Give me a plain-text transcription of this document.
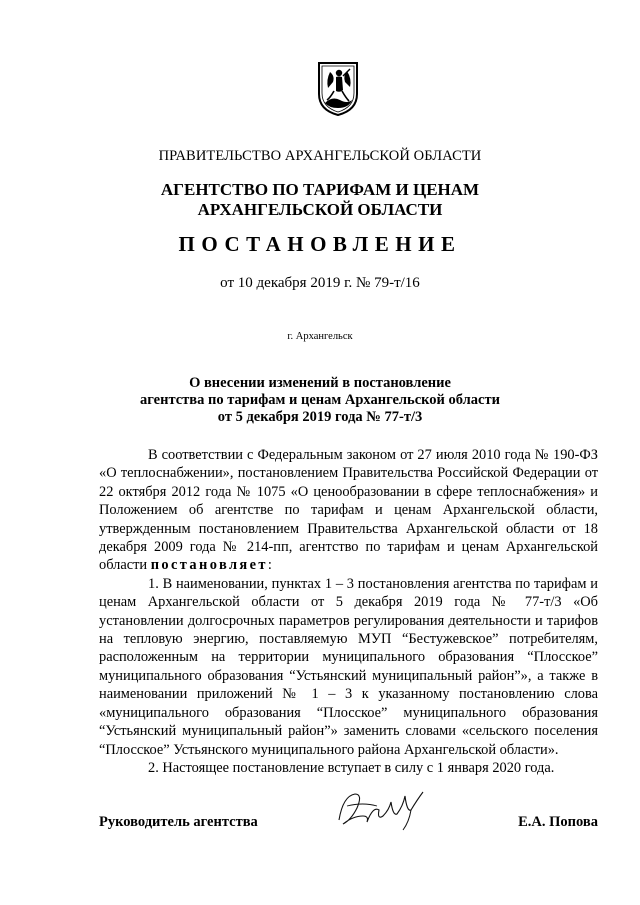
ПРАВИТЕЛЬСТВО АРХАНГЕЛЬСКОЙ ОБЛАСТИ
АГЕНТСТВО ПО ТАРИФАМ И ЦЕНАМ
АРХАНГЕЛЬСКОЙ ОБЛАСТИ
ПОСТАНОВЛЕНИЕ
от 10 декабря 2019 г. № 79-т/16
г. Архангельск
О внесении изменений в постановление
агентства по тарифам и ценам Архангельской области
от 5 декабря 2019 года № 77-т/3

В соответствии с Федеральным законом от 27 июля 2010 года № 190-ФЗ «О теплоснабжении», постановлением Правительства Российской Федерации от 22 октября 2012 года № 1075 «О ценообразовании в сфере теплоснабжения» и Положением об агентстве по тарифам и ценам Архангельской области, утвержденным постановлением Правительства Архангельской области от 18 декабря 2009 года № 214-пп, агентство по тарифам и ценам Архангельской области постановляет:

1. В наименовании, пунктах 1 – 3 постановления агентства по тарифам и ценам Архангельской области от 5 декабря 2019 года № 77-т/3 «Об установлении долгосрочных параметров регулирования деятельности и тарифов на тепловую энергию, поставляемую МУП “Бестужевское” потребителям, расположенным на территории муниципального образования “Плосское” муниципального образования “Устьянский муниципальный район”», а также в наименовании приложений № 1 – 3 к указанному постановлению слова «муниципального образования “Плосское” муниципального образования “Устьянский муниципальный район”» заменить словами «сельского поселения “Плосское” Устьянского муниципального района Архангельской области».

2. Настоящее постановление вступает в силу с 1 января 2020 года.

Руководитель агентства	Е.А. Попова
